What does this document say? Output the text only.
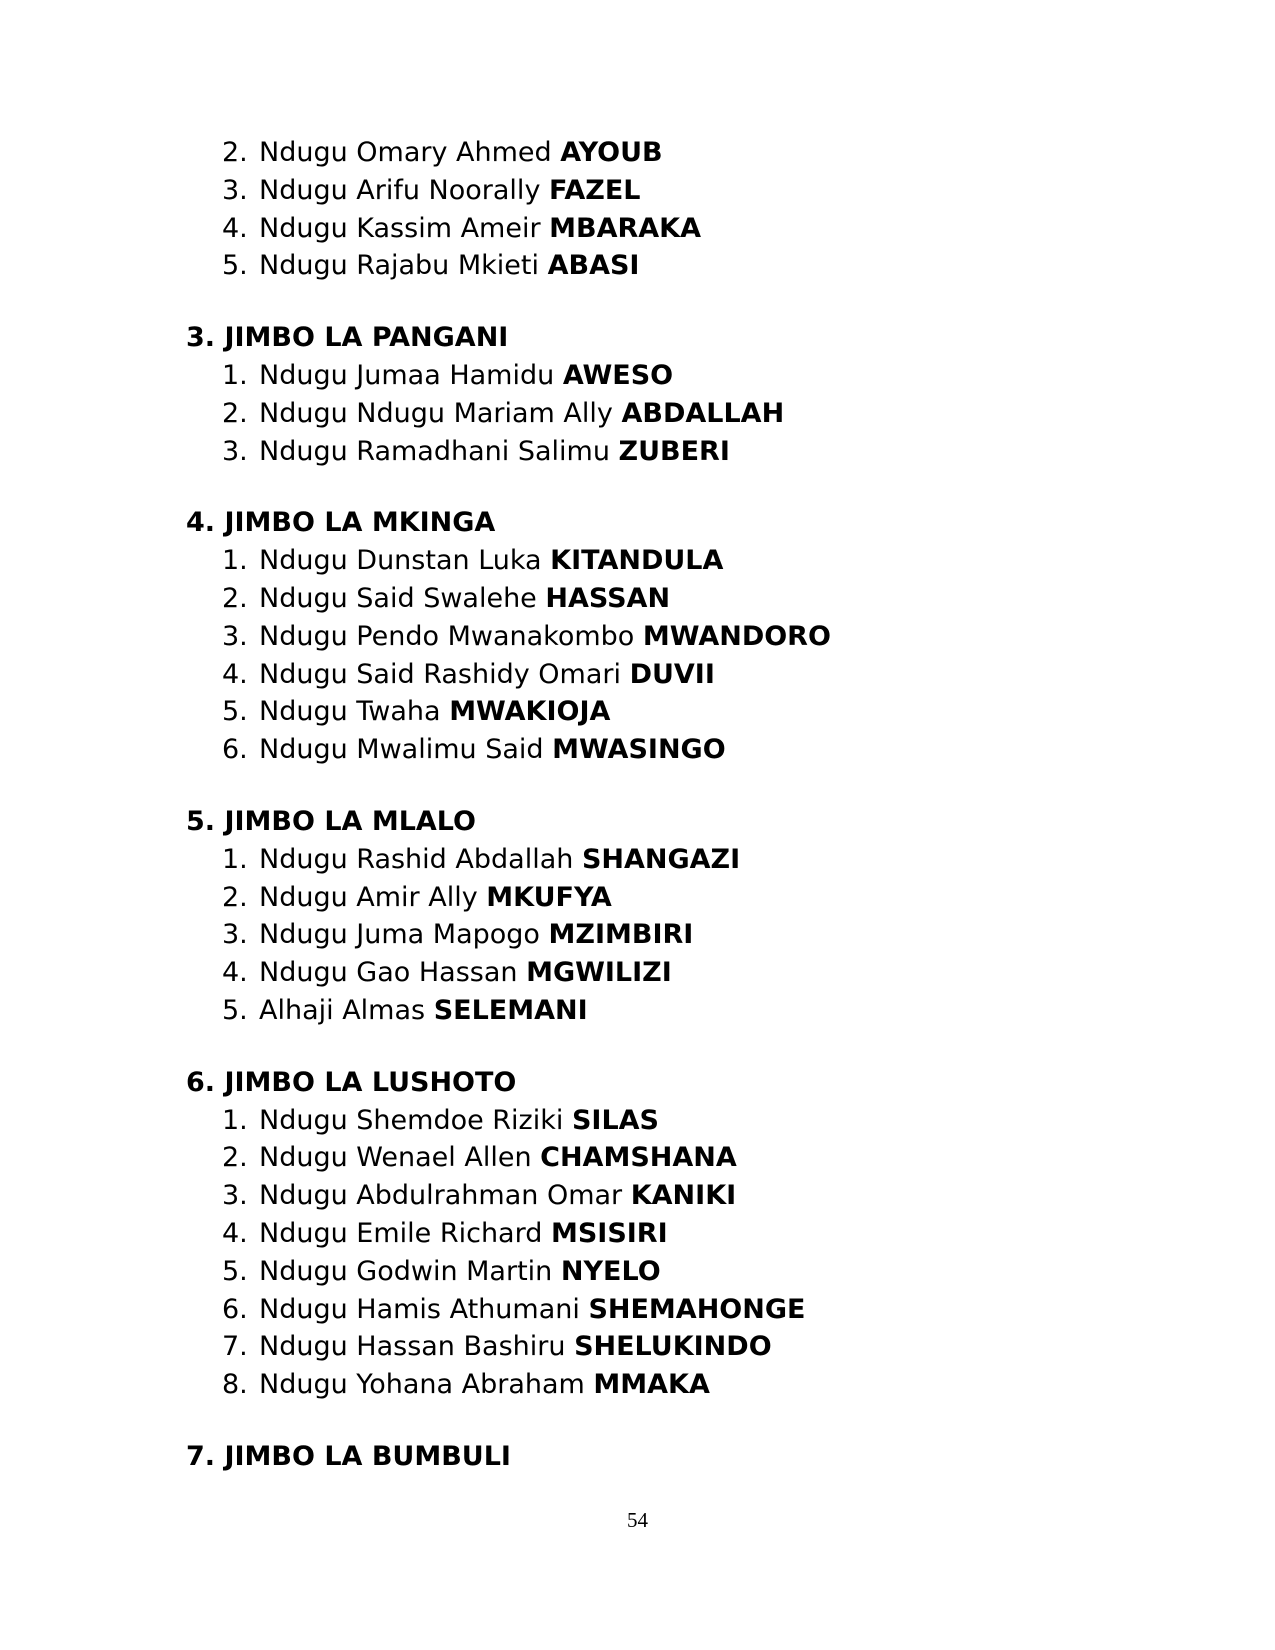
2. Ndugu Omary Ahmed AYOUB
3. Ndugu Arifu Noorally FAZEL
4. Ndugu Kassim Ameir MBARAKA
5. Ndugu Rajabu Mkieti ABASI
3. JIMBO LA PANGANI
1. Ndugu Jumaa Hamidu AWESO
2. Ndugu Ndugu Mariam Ally ABDALLAH
3. Ndugu Ramadhani Salimu ZUBERI
4. JIMBO LA MKINGA
1. Ndugu Dunstan Luka KITANDULA
2. Ndugu Said Swalehe HASSAN
3. Ndugu Pendo Mwanakombo MWANDORO
4. Ndugu Said Rashidy Omari DUVII
5. Ndugu Twaha MWAKIOJA
6. Ndugu Mwalimu Said MWASINGO
5. JIMBO LA MLALO
1. Ndugu Rashid Abdallah SHANGAZI
2. Ndugu Amir Ally MKUFYA
3. Ndugu Juma Mapogo MZIMBIRI
4. Ndugu Gao Hassan MGWILIZI
5. Alhaji Almas SELEMANI
6. JIMBO LA LUSHOTO
1. Ndugu Shemdoe Riziki SILAS
2. Ndugu Wenael Allen CHAMSHANA
3. Ndugu Abdulrahman Omar KANIKI
4. Ndugu Emile Richard MSISIRI
5. Ndugu Godwin Martin NYELO
6. Ndugu Hamis Athumani SHEMAHONGE
7. Ndugu Hassan Bashiru SHELUKINDO
8. Ndugu Yohana Abraham MMAKA
7. JIMBO LA BUMBULI
54
